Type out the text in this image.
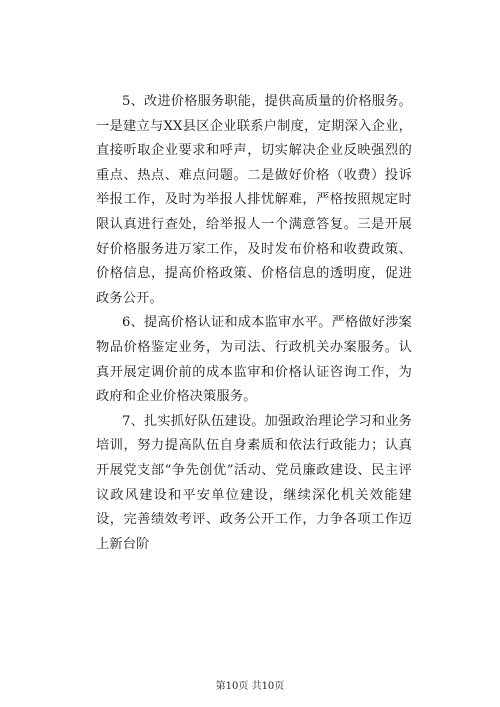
5、改进价格服务职能，提供高质量的价格服务。一是建立与XX县区企业联系户制度，定期深入企业，直接听取企业要求和呼声，切实解决企业反映强烈的重点、热点、难点问题。二是做好价格（收费）投诉举报工作，及时为举报人排忧解难，严格按照规定时限认真进行查处，给举报人一个满意答复。三是开展好价格服务进万家工作，及时发布价格和收费政策、价格信息，提高价格政策、价格信息的透明度，促进政务公开。

6、提高价格认证和成本监审水平。严格做好涉案物品价格鉴定业务，为司法、行政机关办案服务。认真开展定调价前的成本监审和价格认证咨询工作，为政府和企业价格决策服务。

7、扎实抓好队伍建设。加强政治理论学习和业务培训，努力提高队伍自身素质和依法行政能力；认真开展党支部“争先创优”活动、党员廉政建设、民主评议政风建设和平安单位建设，继续深化机关效能建设，完善绩效考评、政务公开工作，力争各项工作迈上新台阶

第10页 共10页
